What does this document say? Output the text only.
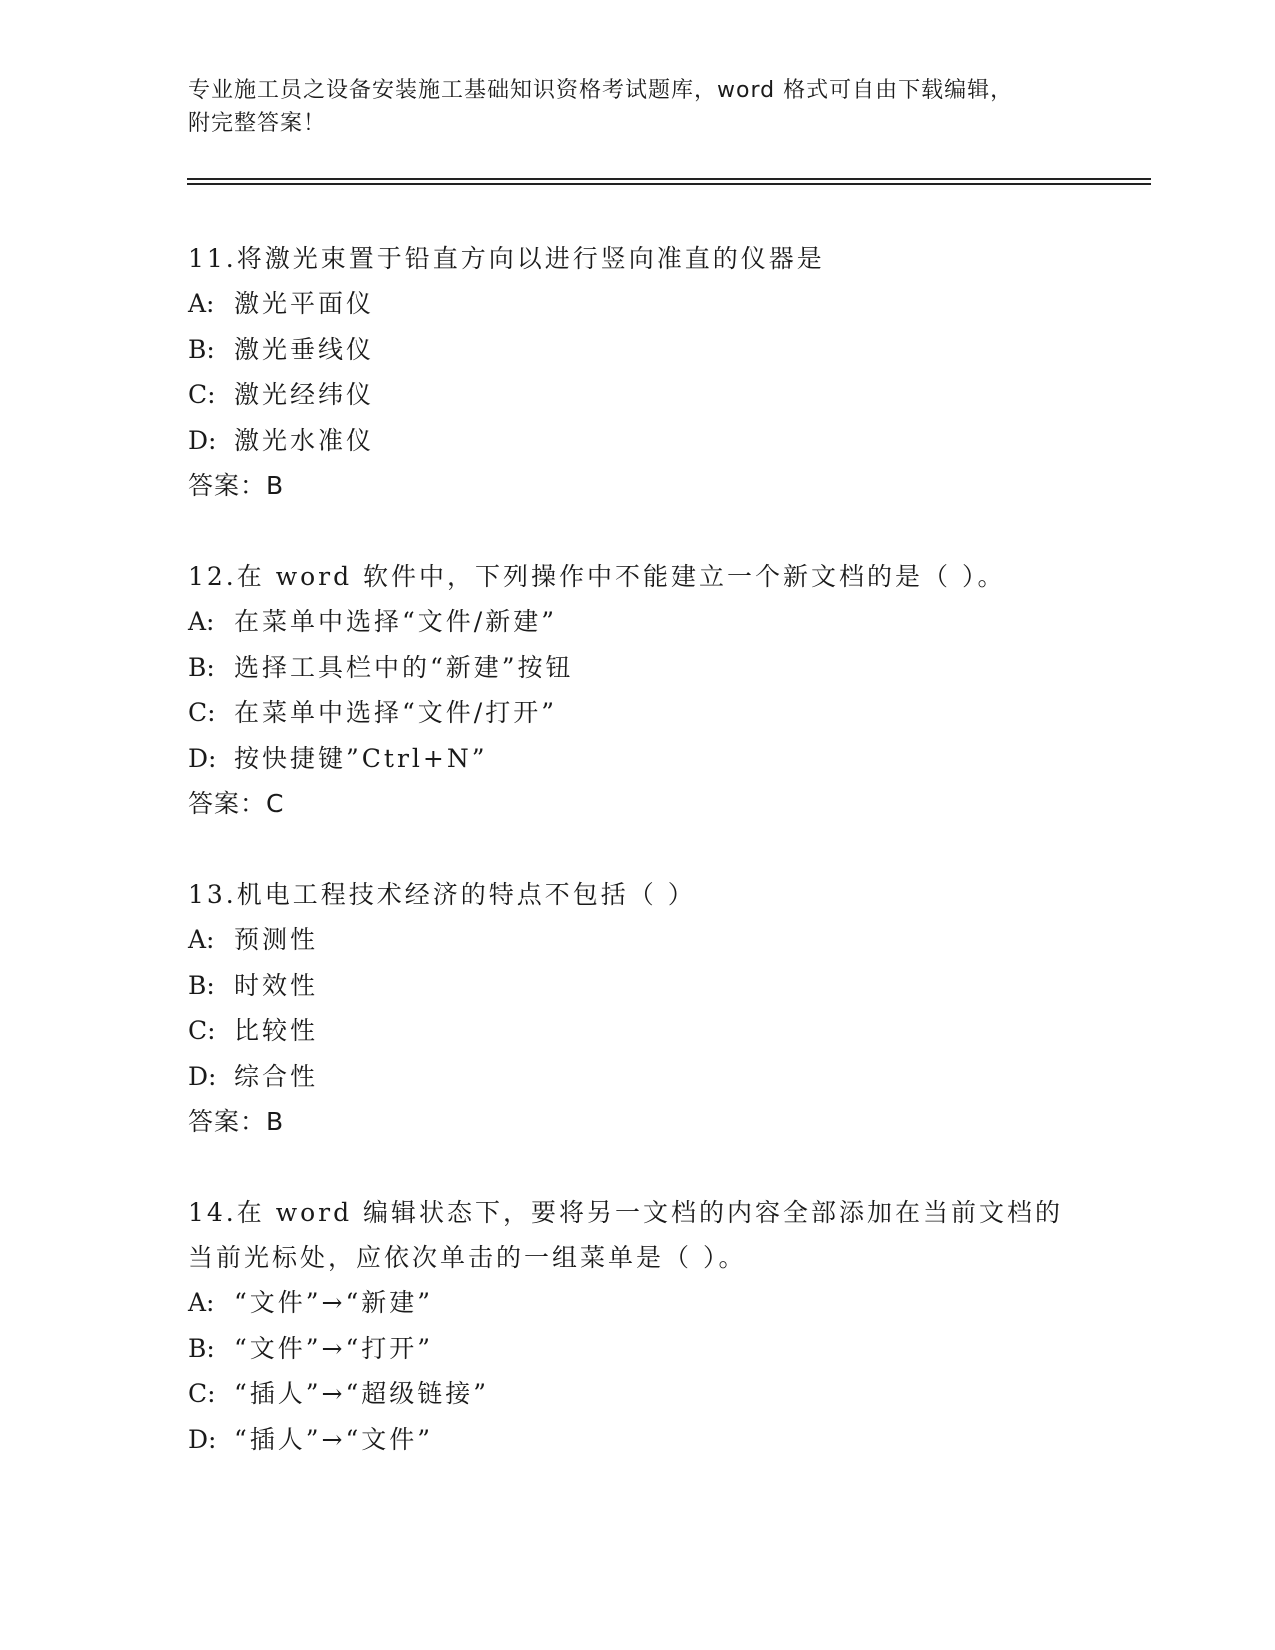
专业施工员之设备安装施工基础知识资格考试题库，word 格式可自由下载编辑，
附完整答案！
11.将激光束置于铅直方向以进行竖向准直的仪器是
A: 激光平面仪
B: 激光垂线仪
C: 激光经纬仪
D: 激光水准仪
答案：B
12.在 word 软件中，下列操作中不能建立一个新文档的是（ ）。
A: 在菜单中选择“文件/新建”
B: 选择工具栏中的“新建”按钮
C: 在菜单中选择“文件/打开”
D: 按快捷键”Ctrl+N”
答案：C
13.机电工程技术经济的特点不包括（ ）
A: 预测性
B: 时效性
C: 比较性
D: 综合性
答案：B
14.在 word 编辑状态下，要将另一文档的内容全部添加在当前文档的当前光标处，应依次单击的一组菜单是（ ）。
A: “文件”→“新建”
B: “文件”→“打开”
C: “插人”→“超级链接”
D: “插人”→“文件”
